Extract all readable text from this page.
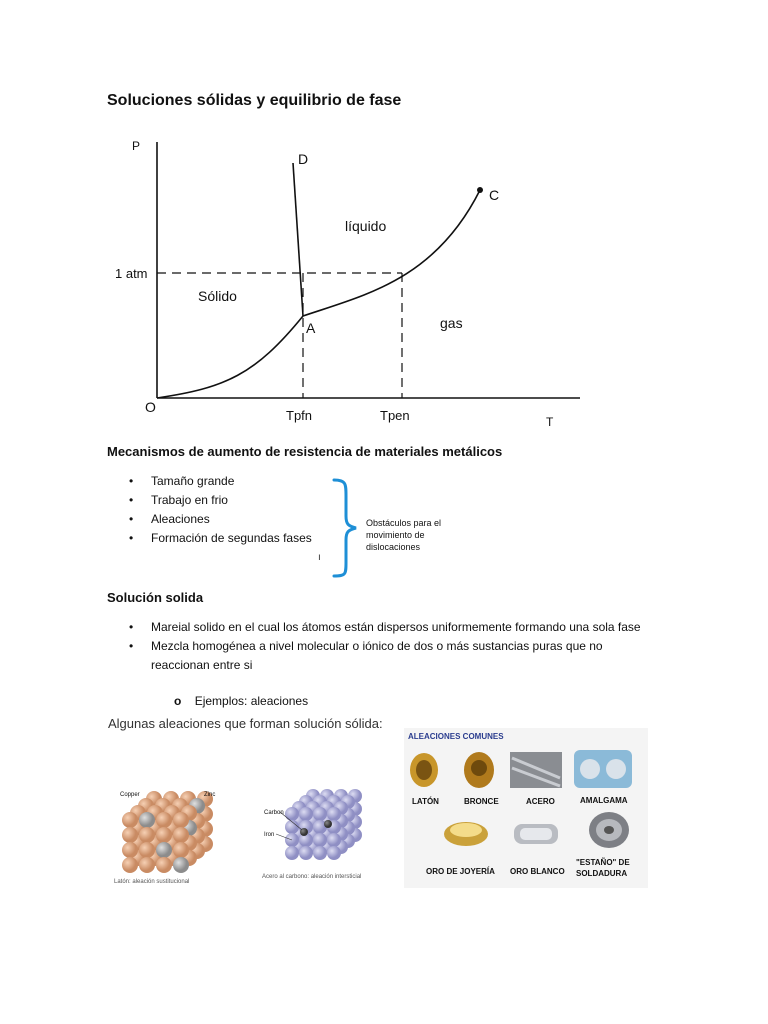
Soluciones sólidas y equilibrio de fase
P
T
O
1 atm
Sólido
líquido
gas
A
C
D
Tpfn	Tpen
Mecanismos de aumento de resistencia de materiales metálicos
• Tamaño grande
• Trabajo en frio
• Aleaciones
• Formación de segundas fases
ı
Obstáculos para el
movimiento de
dislocaciones
Solución solida
• Mareial solido en el cual los átomos están dispersos uniformemente formando una sola fase
• Mezcla homogénea a nivel molecular o iónico de dos o más sustancias puras que no reaccionan entre si
o Ejemplos: aleaciones
Algunas aleaciones que forman solución sólida:
Copper	Zinc
Latón: aleación sustitucional
Carbon
Iron
Acero al carbono: aleación intersticial
ALEACIONES COMUNES
LATÓN	BRONCE	ACERO	AMALGAMA
ORO DE JOYERÍA ORO BLANCO
"ESTAÑO" DE
SOLDADURA
